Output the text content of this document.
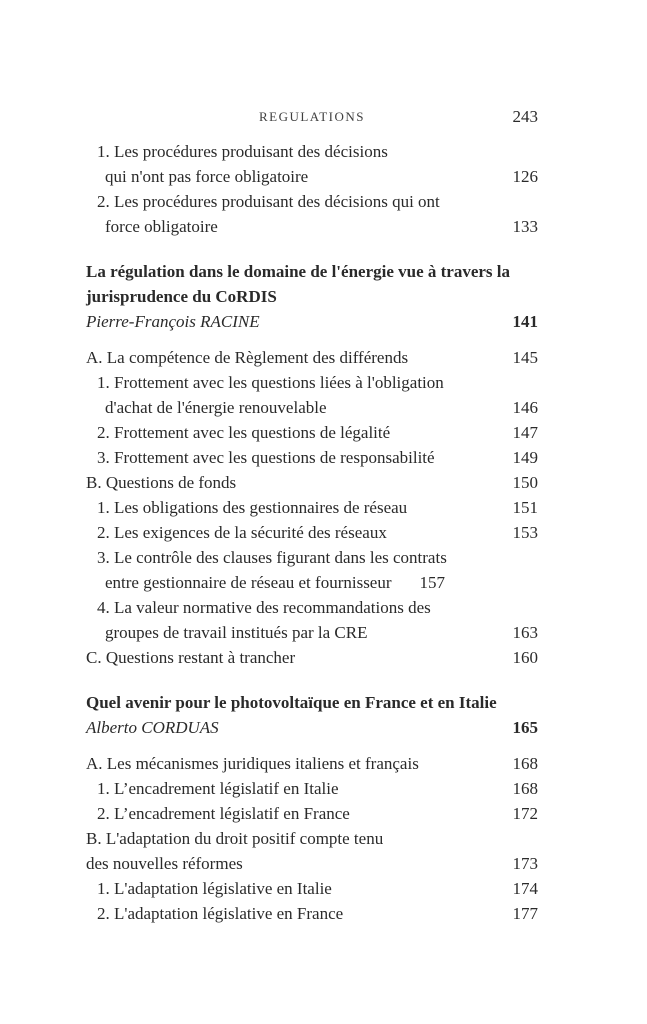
REGULATIONS	243
1. Les procédures produisant des décisions
qui n'ont pas force obligatoire	126
2. Les procédures produisant des décisions qui ont
force obligatoire	133
La régulation dans le domaine de l'énergie vue à travers la
jurisprudence du CoRDIS
Pierre-François RACINE	141
A. La compétence de Règlement des différends	145
1. Frottement avec les questions liées à l'obligation
d'achat de l'énergie renouvelable	146
2. Frottement avec les questions de légalité	147
3. Frottement avec les questions de responsabilité	149
B. Questions de fonds	150
1. Les obligations des gestionnaires de réseau	151
2. Les exigences de la sécurité des réseaux	153
3. Le contrôle des clauses figurant dans les contrats
entre gestionnaire de réseau et fournisseur 157
4. La valeur normative des recommandations des
groupes de travail institués par la CRE	163
C. Questions restant à trancher	160
Quel avenir pour le photovoltaïque en France et en Italie
Alberto CORDUAS	165
A. Les mécanismes juridiques italiens et français	168
1. L’encadrement législatif en Italie	168
2. L’encadrement législatif en France	172
B. L'adaptation du droit positif compte tenu
des nouvelles réformes	173
1. L'adaptation législative en Italie	174
2. L'adaptation législative en France	177
